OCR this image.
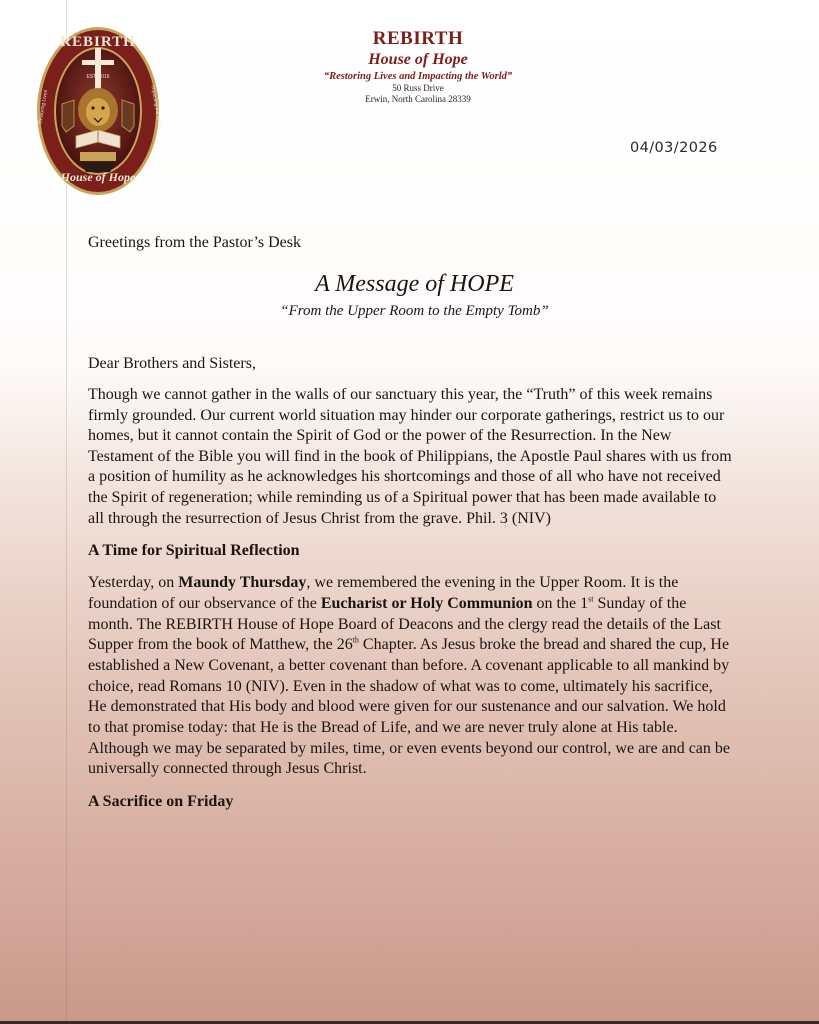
REBIRTH
EST. 2016
Restoring Lives	Impacting the World
House of Hope
REBIRTH
House of Hope
“Restoring Lives and Impacting the World”
50 Russ Drive
Erwin, North Carolina 28339
04/03/2026

Greetings from the Pastor’s Desk

A Message of HOPE

“From the Upper Room to the Empty Tomb”

Dear Brothers and Sisters,

Though we cannot gather in the walls of our sanctuary this year, the “Truth” of this week remains firmly grounded. Our current world situation may hinder our corporate gatherings, restrict us to our homes, but it cannot contain the Spirit of God or the power of the Resurrection. In the New Testament of the Bible you will find in the book of Philippians, the Apostle Paul shares with us from a position of humility as he acknowledges his shortcomings and those of all who have not received the Spirit of regeneration; while reminding us of a Spiritual power that has been made available to all through the resurrection of Jesus Christ from the grave. Phil. 3 (NIV)

A Time for Spiritual Reflection

Yesterday, on Maundy Thursday, we remembered the evening in the Upper Room. It is the foundation of our observance of the Eucharist or Holy Communion on the 1st Sunday of the month. The REBIRTH House of Hope Board of Deacons and the clergy read the details of the Last Supper from the book of Matthew, the 26th Chapter. As Jesus broke the bread and shared the cup, He established a New Covenant, a better covenant than before. A covenant applicable to all mankind by choice, read Romans 10 (NIV). Even in the shadow of what was to come, ultimately his sacrifice, He demonstrated that His body and blood were given for our sustenance and our salvation. We hold to that promise today: that He is the Bread of Life, and we are never truly alone at His table. Although we may be separated by miles, time, or even events beyond our control, we are and can be universally connected through Jesus Christ.

A Sacrifice on Friday
